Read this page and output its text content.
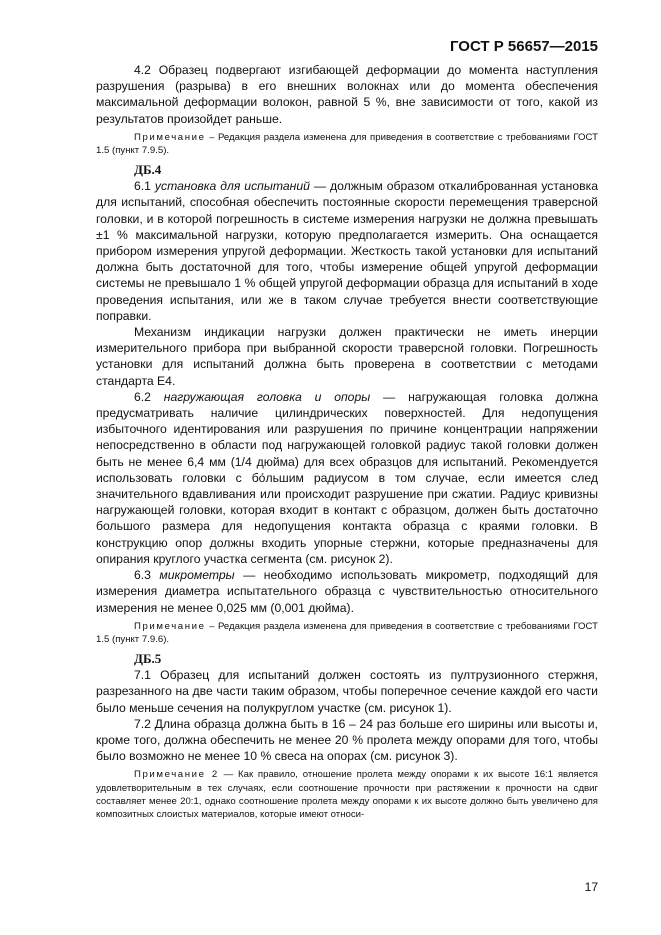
ГОСТ Р 56657—2015

4.2 Образец подвергают изгибающей деформации до момента наступления разрушения (разрыва) в его внешних волокнах или до момента обеспечения максимальной деформации волокон, равной 5 %, вне зависимости от того, какой из результатов произойдет раньше.

Примечание – Редакция раздела изменена для приведения в соответствие с требованиями ГОСТ 1.5 (пункт 7.9.5).

ДБ.4

6.1 установка для испытаний — должным образом откалиброванная установка для испытаний, способная обеспечить постоянные скорости перемещения траверсной головки, и в которой погрешность в системе измерения нагрузки не должна превышать ±1 % максимальной нагрузки, которую предполагается измерить. Она оснащается прибором измерения упругой деформации. Жесткость такой установки для испытаний должна быть достаточной для того, чтобы измерение общей упругой деформации системы не превышало 1 % общей упругой деформации образца для испытаний в ходе проведения испытания, или же в таком случае требуется внести соответствующие поправки.

Механизм индикации нагрузки должен практически не иметь инерции измерительного прибора при выбранной скорости траверсной головки. Погрешность установки для испытаний должна быть проверена в соответствии с методами стандарта Е4.

6.2 нагружающая головка и опоры — нагружающая головка должна предусматривать наличие цилиндрических поверхностей. Для недопущения избыточного идентирования или разрушения по причине концентрации напряжении непосредственно в области под нагружающей головкой радиус такой головки должен быть не менее 6,4 мм (1/4 дюйма) для всех образцов для испытаний. Рекомендуется использовать головки с бо́льшим радиусом в том случае, если имеется след значительного вдавливания или происходит разрушение при сжатии. Радиус кривизны нагружающей головки, которая входит в контакт с образцом, должен быть достаточно большого размера для недопущения контакта образца с краями головки. В конструкцию опор должны входить упорные стержни, которые предназначены для опирания круглого участка сегмента (см. рисунок 2).

6.3 микрометры — необходимо использовать микрометр, подходящий для измерения диаметра испытательного образца с чувствительностью относительного измерения не менее 0,025 мм (0,001 дюйма).

Примечание – Редакция раздела изменена для приведения в соответствие с требованиями ГОСТ 1.5 (пункт 7.9.6).

ДБ.5

7.1 Образец для испытаний должен состоять из пултрузионного стержня, разрезанного на две части таким образом, чтобы поперечное сечение каждой его части было меньше сечения на полукруглом участке (см. рисунок 1).

7.2 Длина образца должна быть в 16 – 24 раз больше его ширины или высоты и, кроме того, должна обеспечить не менее 20 % пролета между опорами для того, чтобы было возможно не менее 10 % свеса на опорах (см. рисунок 3).

Примечание 2 — Как правило, отношение пролета между опорами к их высоте 16:1 является удовлетворительным в тех случаях, если соотношение прочности при растяжении к прочности на сдвиг составляет менее 20:1, однако соотношение пролета между опорами к их высоте должно быть увеличено для композитных слоистых материалов, которые имеют относи-

17
